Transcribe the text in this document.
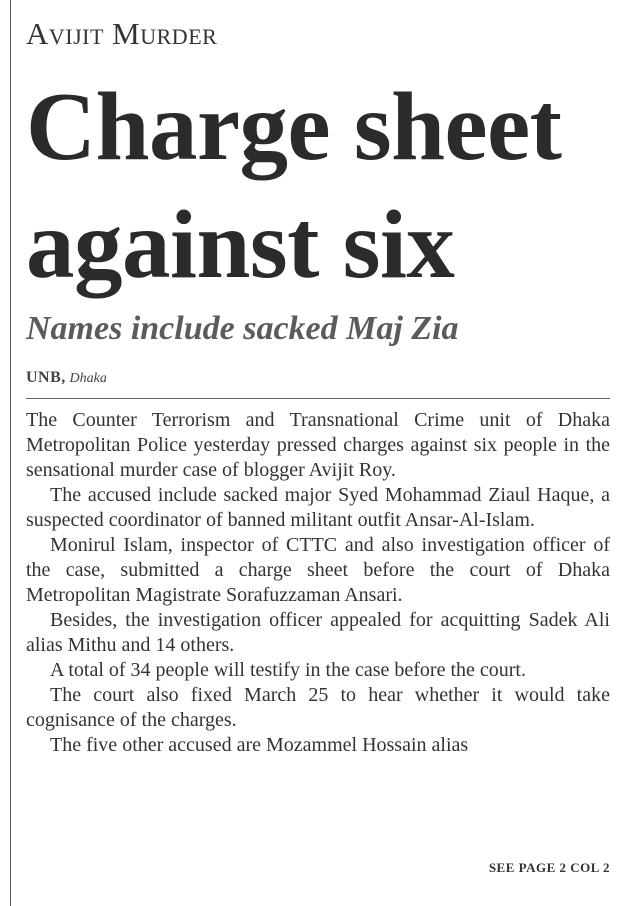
Avijit Murder
Charge sheet
against six
Names include sacked Maj Zia
UNB, Dhaka

The Counter Terrorism and Transnational Crime unit of Dhaka Metropolitan Police yesterday pressed charges against six people in the sensational murder case of blogger Avijit Roy.

The accused include sacked major Syed Mohammad Ziaul Haque, a suspected coordinator of banned militant outfit Ansar-Al-Islam.

Monirul Islam, inspector of CTTC and also investigation officer of the case, submitted a charge sheet before the court of Dhaka Metropolitan Magistrate Sorafuzzaman Ansari.

Besides, the investigation officer appealed for acquitting Sadek Ali alias Mithu and 14 others.

A total of 34 people will testify in the case before the court.

The court also fixed March 25 to hear whether it would take cognisance of the charges.

The five other accused are Mozammel Hossain alias

SEE PAGE 2 COL 2
